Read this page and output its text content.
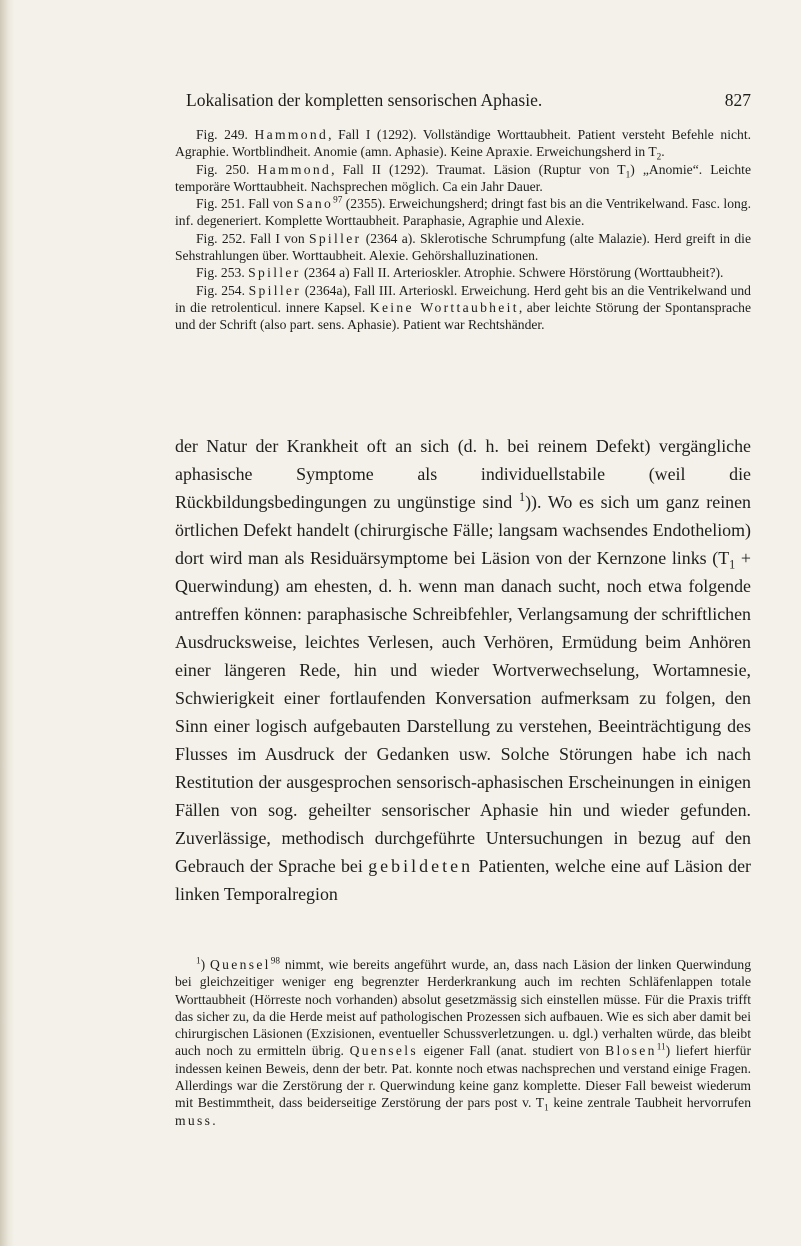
Lokalisation der kompletten sensorischen Aphasie.	827

Fig. 249. Hammond, Fall I (1292). Vollständige Worttaubheit. Patient versteht Befehle nicht. Agraphie. Wortblindheit. Anomie (amn. Aphasie). Keine Apraxie. Erweichungsherd in $T_2$.

Fig. 250. Hammond, Fall II (1292). Traumat. Läsion (Ruptur von $T_1$) „Anomie“. Leichte temporäre Worttaubheit. Nachsprechen möglich. Ca ein Jahr Dauer.

Fig. 251. Fall von Sano$^{97}$ (2355). Erweichungsherd; dringt fast bis an die Ventrikelwand. Fasc. long. inf. degeneriert. Komplette Worttaubheit. Paraphasie, Agraphie und Alexie.

Fig. 252. Fall I von Spiller (2364 a). Sklerotische Schrumpfung (alte Malazie). Herd greift in die Sehstrahlungen über. Worttaubheit. Alexie. Gehörshalluzinationen.

Fig. 253. Spiller (2364 a) Fall II. Arterioskler. Atrophie. Schwere Hörstörung (Worttaubheit?).

Fig. 254. Spiller (2364a), Fall III. Arterioskl. Erweichung. Herd geht bis an die Ventrikelwand und in die retrolenticul. innere Kapsel. Keine Worttaubheit, aber leichte Störung der Spontansprache und der Schrift (also part. sens. Aphasie). Patient war Rechtshänder.

der Natur der Krankheit oft an sich (d. h. bei reinem Defekt) vergängliche aphasische Symptome als individuellstabile (weil die Rückbildungsbedingungen zu ungünstige sind $^1$)). Wo es sich um ganz reinen örtlichen Defekt handelt (chirurgische Fälle; langsam wachsendes Endotheliom) dort wird man als Residuärsymptome bei Läsion von der Kernzone links ($T_1$ + Querwindung) am ehesten, d. h. wenn man danach sucht, noch etwa folgende antreffen können: paraphasische Schreibfehler, Verlangsamung der schriftlichen Ausdrucksweise, leichtes Verlesen, auch Verhören, Ermüdung beim Anhören einer längeren Rede, hin und wieder Wortverwechselung, Wortamnesie, Schwierigkeit einer fortlaufenden Konversation aufmerksam zu folgen, den Sinn einer logisch aufgebauten Darstellung zu verstehen, Beeinträchtigung des Flusses im Ausdruck der Gedanken usw. Solche Störungen habe ich nach Restitution der ausgesprochen sensorisch-aphasischen Erscheinungen in einigen Fällen von sog. geheilter sensorischer Aphasie hin und wieder gefunden. Zuverlässige, methodisch durchgeführte Untersuchungen in bezug auf den Gebrauch der Sprache bei gebildeten Patienten, welche eine auf Läsion der linken Temporalregion

$^1$) Quensel$^{98}$ nimmt, wie bereits angeführt wurde, an, dass nach Läsion der linken Querwindung bei gleichzeitiger weniger eng begrenzter Herderkrankung auch im rechten Schläfenlappen totale Worttaubheit (Hörreste noch vorhanden) absolut gesetzmässig sich einstellen müsse. Für die Praxis trifft das sicher zu, da die Herde meist auf pathologischen Prozessen sich aufbauen. Wie es sich aber damit bei chirurgischen Läsionen (Exzisionen, eventueller Schussverletzungen. u. dgl.) verhalten würde, das bleibt auch noch zu ermitteln übrig. Quensels eigener Fall (anat. studiert von Blosen$^{11}$) liefert hierfür indessen keinen Beweis, denn der betr. Pat. konnte noch etwas nachsprechen und verstand einige Fragen. Allerdings war die Zerstörung der r. Querwindung keine ganz komplette. Dieser Fall beweist wiederum mit Bestimmtheit, dass beiderseitige Zerstörung der pars post v. $T_1$ keine zentrale Taubheit hervorrufen muss.
